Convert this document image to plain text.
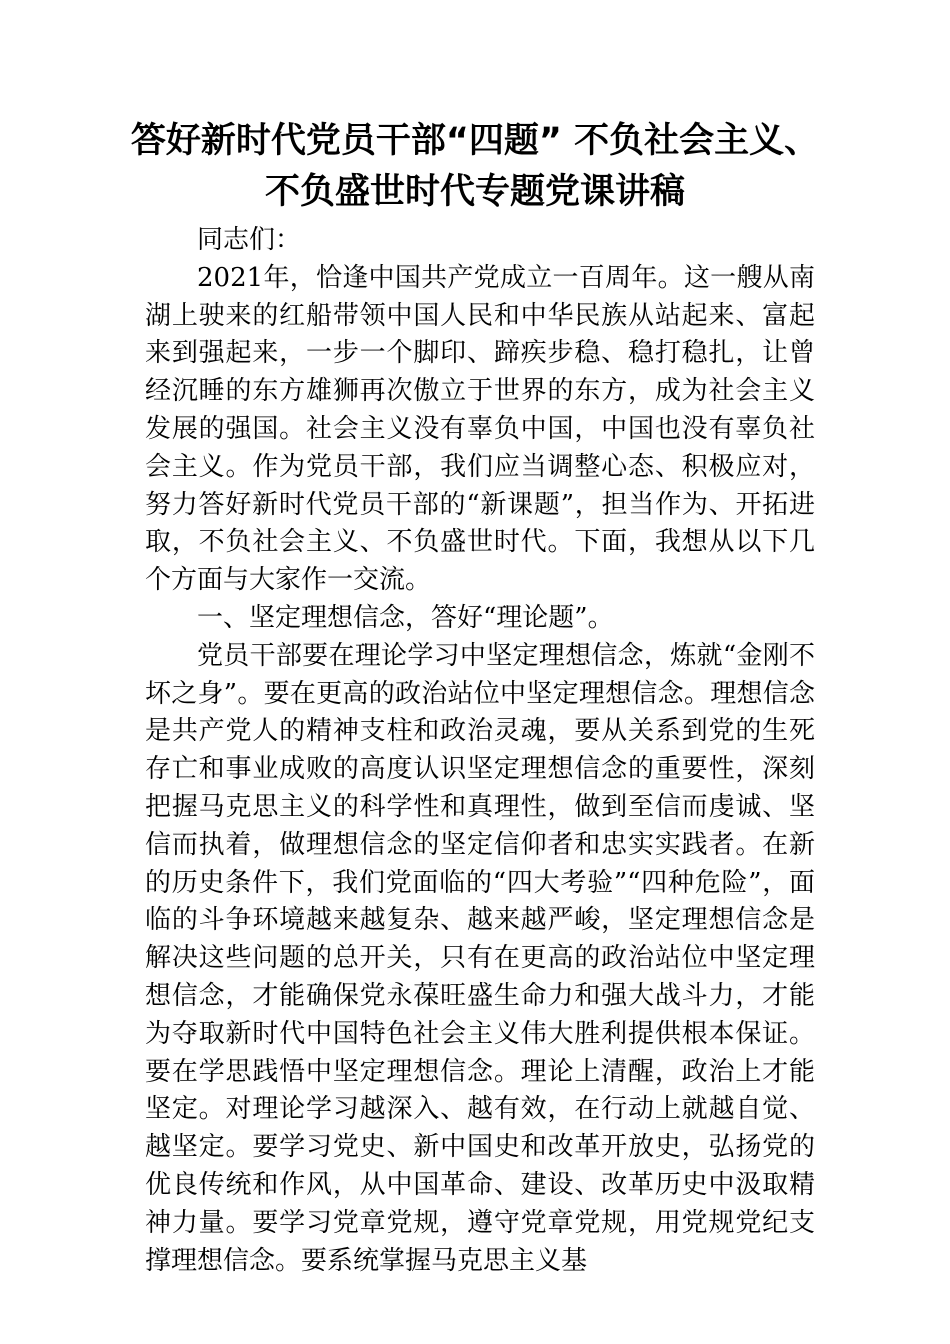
答好新时代党员干部“四题” 不负社会主义、
不负盛世时代专题党课讲稿

同志们：

2021年，恰逢中国共产党成立一百周年。这一艘从南湖上驶来的红船带领中国人民和中华民族从站起来、富起来到强起来，一步一个脚印、蹄疾步稳、稳打稳扎，让曾经沉睡的东方雄狮再次傲立于世界的东方，成为社会主义发展的强国。社会主义没有辜负中国，中国也没有辜负社会主义。作为党员干部，我们应当调整心态、积极应对，努力答好新时代党员干部的“新课题”，担当作为、开拓进取，不负社会主义、不负盛世时代。下面，我想从以下几个方面与大家作一交流。

一、坚定理想信念，答好“理论题”。

党员干部要在理论学习中坚定理想信念，炼就“金刚不坏之身”。要在更高的政治站位中坚定理想信念。理想信念是共产党人的精神支柱和政治灵魂，要从关系到党的生死存亡和事业成败的高度认识坚定理想信念的重要性，深刻把握马克思主义的科学性和真理性，做到至信而虔诚、坚信而执着，做理想信念的坚定信仰者和忠实实践者。在新的历史条件下，我们党面临的“四大考验”“四种危险”，面临的斗争环境越来越复杂、越来越严峻，坚定理想信念是解决这些问题的总开关，只有在更高的政治站位中坚定理想信念，才能确保党永葆旺盛生命力和强大战斗力，才能为夺取新时代中国特色社会主义伟大胜利提供根本保证。要在学思践悟中坚定理想信念。理论上清醒，政治上才能坚定。对理论学习越深入、越有效，在行动上就越自觉、越坚定。要学习党史、新中国史和改革开放史，弘扬党的优良传统和作风，从中国革命、建设、改革历史中汲取精神力量。要学习党章党规，遵守党章党规，用党规党纪支撑理想信念。要系统掌握马克思主义基
